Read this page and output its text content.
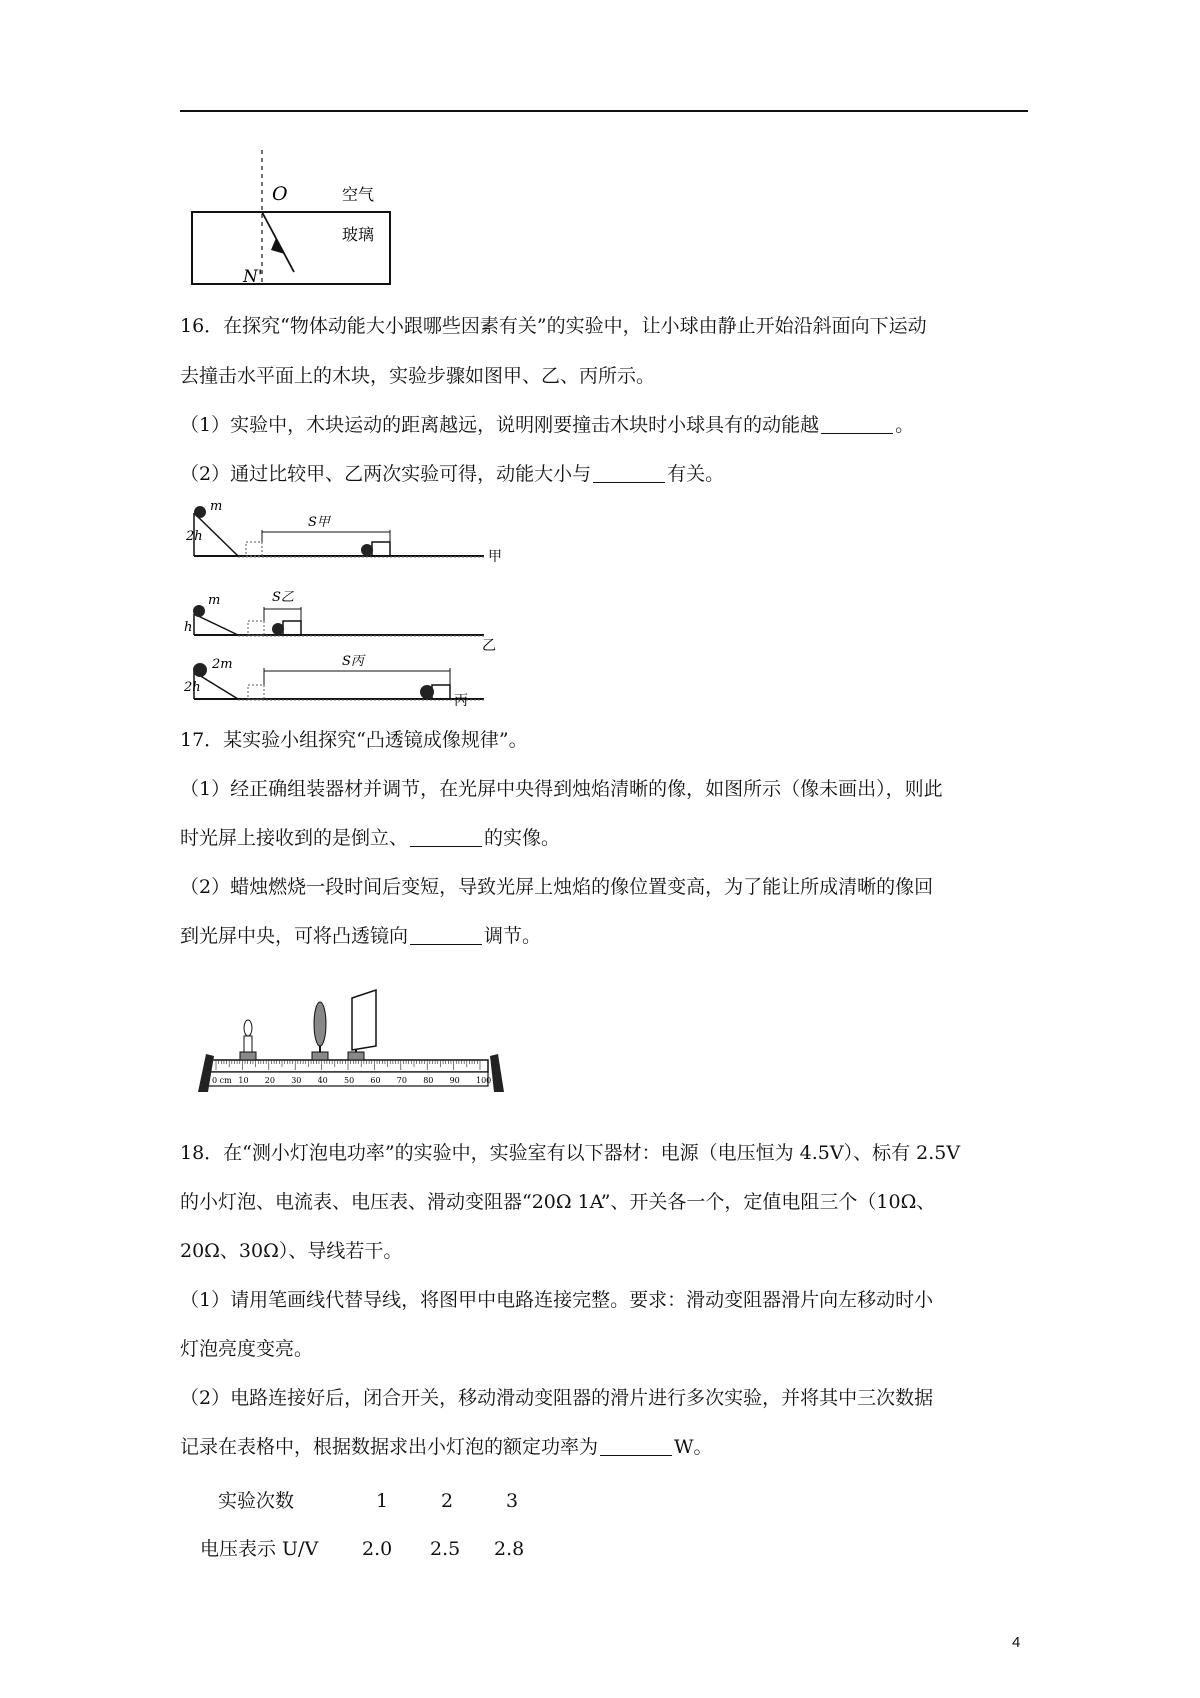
O
N'
空气
玻璃
16．在探究“物体动能大小跟哪些因素有关”的实验中，让小球由静止开始沿斜面向下运动
去撞击水平面上的木块，实验步骤如图甲、乙、丙所示。
（1）实验中，木块运动的距离越远，说明刚要撞击木块时小球具有的动能越	。
（2）通过比较甲、乙两次实验可得，动能大小与	有关。
m
2h
S甲
甲
m
h
S乙
乙
2m
2h
S丙
丙
17．某实验小组探究“凸透镜成像规律”。
（1）经正确组装器材并调节，在光屏中央得到烛焰清晰的像，如图所示（像未画出），则此
时光屏上接收到的是倒立、	的实像。
（2）蜡烛燃烧一段时间后变短，导致光屏上烛焰的像位置变高，为了能让所成清晰的像回
到光屏中央，可将凸透镜向	调节。
0 cm 10 20 30 40 50 60 70 80 90 100
18．在“测小灯泡电功率”的实验中，实验室有以下器材：电源（电压恒为 4.5V）、标有 2.5V
的小灯泡、电流表、电压表、滑动变阻器“20Ω 1A”、开关各一个，定值电阻三个（10Ω、
20Ω、30Ω）、导线若干。
（1）请用笔画线代替导线，将图甲中电路连接完整。要求：滑动变阻器滑片向左移动时小
灯泡亮度变亮。
（2）电路连接好后，闭合开关，移动滑动变阻器的滑片进行多次实验，并将其中三次数据
记录在表格中，根据数据求出小灯泡的额定功率为	W。
实验次数	1	2	3
电压表示 U/V 2.0 2.5 2.8
4
